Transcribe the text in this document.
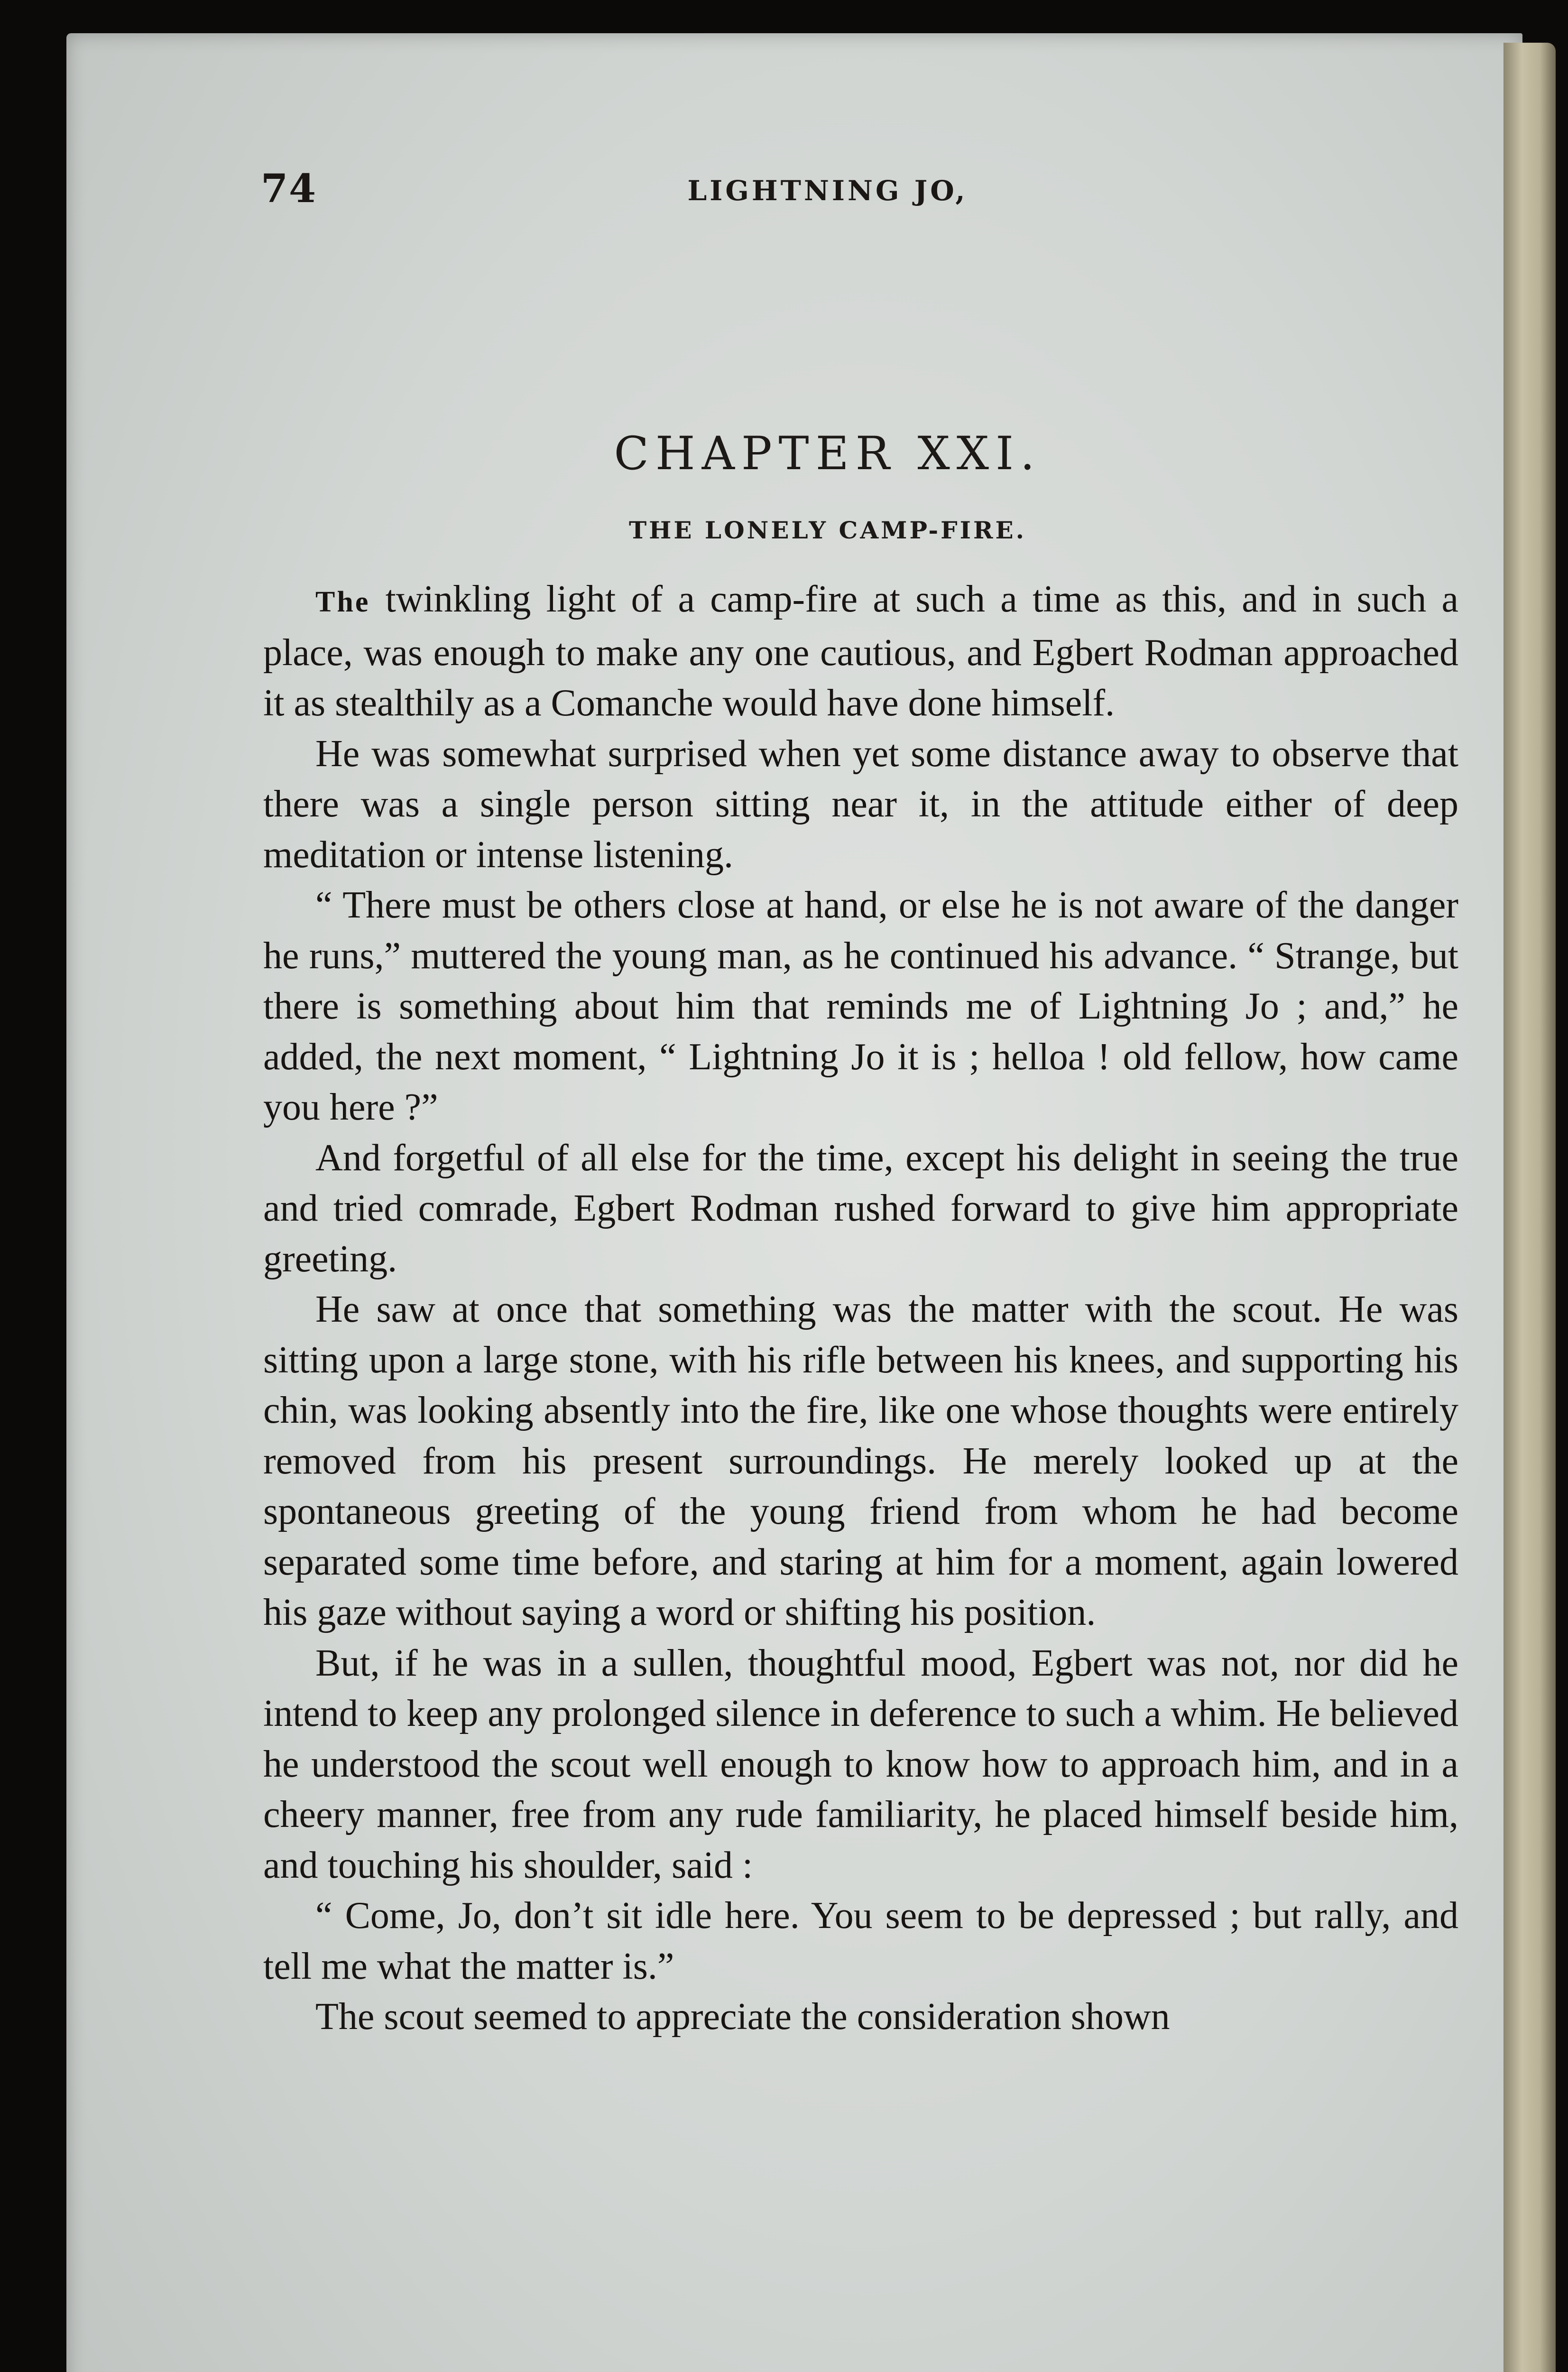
74	LIGHTNING JO,
CHAPTER XXI.
THE LONELY CAMP-FIRE.

The twinkling light of a camp-fire at such a time as this, and in such a place, was enough to make any one cautious, and Egbert Rodman approached it as stealthily as a Comanche would have done himself.

He was somewhat surprised when yet some distance away to observe that there was a single person sitting near it, in the attitude either of deep meditation or intense listening.

“ There must be others close at hand, or else he is not aware of the danger he runs,” muttered the young man, as he continued his advance. “ Strange, but there is something about him that reminds me of Lightning Jo ; and,” he added, the next moment, “ Lightning Jo it is ; helloa ! old fellow, how came you here ?”

And forgetful of all else for the time, except his delight in seeing the true and tried comrade, Egbert Rodman rushed forward to give him appropriate greeting.

He saw at once that something was the matter with the scout. He was sitting upon a large stone, with his rifle between his knees, and supporting his chin, was looking absently into the fire, like one whose thoughts were entirely removed from his present surroundings. He merely looked up at the spontaneous greeting of the young friend from whom he had become separated some time before, and staring at him for a moment, again lowered his gaze without saying a word or shifting his position.

But, if he was in a sullen, thoughtful mood, Egbert was not, nor did he intend to keep any prolonged silence in deference to such a whim. He believed he understood the scout well enough to know how to approach him, and in a cheery manner, free from any rude familiarity, he placed himself beside him, and touching his shoulder, said :

“ Come, Jo, don’t sit idle here. You seem to be depressed ; but rally, and tell me what the matter is.”

The scout seemed to appreciate the consideration shown
